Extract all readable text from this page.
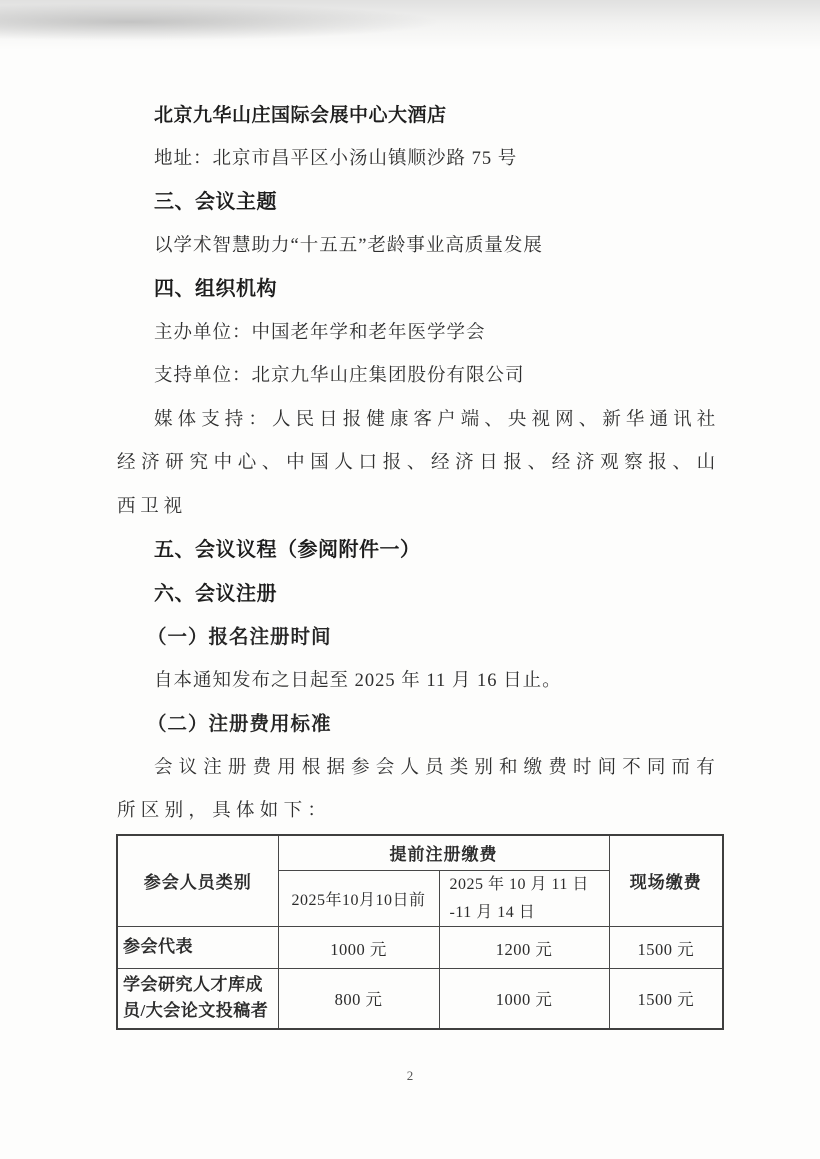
北京九华山庄国际会展中心大酒店

地址：北京市昌平区小汤山镇顺沙路 75 号

三、会议主题

以学术智慧助力“十五五”老龄事业高质量发展

四、组织机构

主办单位：中国老年学和老年医学学会

支持单位：北京九华山庄集团股份有限公司

媒体支持：人民日报健康客户端、央视网、新华通讯社经济研究中心、中国人口报、经济日报、经济观察报、山西卫视

五、会议议程（参阅附件一）

六、会议注册

（一）报名注册时间

自本通知发布之日起至 2025 年 11 月 16 日止。

（二）注册费用标准

会议注册费用根据参会人员类别和缴费时间不同而有所区别，具体如下：

参会人员类别	提前注册缴费		现场缴费
	2025年10月10日前	2025 年 10 月 11 日
-11 月 14 日	

参会代表	1000 元	1200 元	1500 元
学会研究人才库成员/大会论文投稿者	800 元	1000 元	1500 元
2
